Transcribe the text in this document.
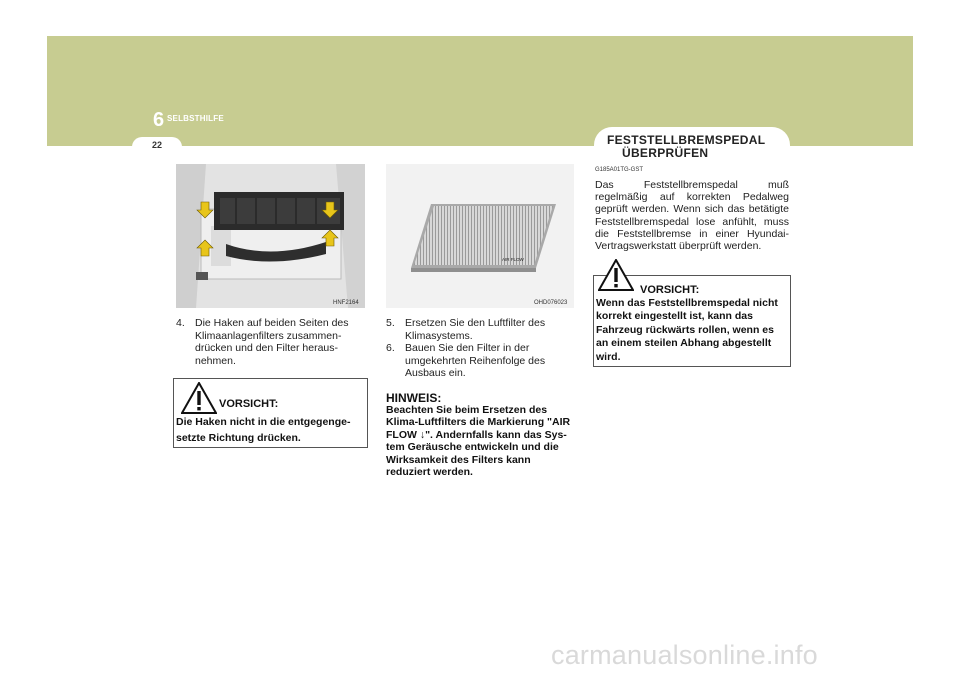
6 SELBSTHILFE
22	FESTSTELLBREMSPEDAL
ÜBERPRÜFEN
HNF2164
AIR FLOW
OHD076023

4. Die Haken auf beiden Seiten des Klimaanlagenfilters zusammen-drücken und den Filter heraus-nehmen.

VORSICHT:
Die Haken nicht in die entgegenge-
setzte Richtung drücken.

5. Ersetzen Sie den Luftfilter des Klimasystems.

6. Bauen Sie den Filter in der umgekehrten Reihenfolge des Ausbaus ein.

HINWEIS:
Beachten Sie beim Ersetzen des Klima-Luftfilters die Markierung "AIR FLOW ↓". Andernfalls kann das Sys-tem Geräusche entwickeln und die Wirksamkeit des Filters kann reduziert werden.
G185A01TG-GST
Das Feststellbremspedal muß regelmäßig auf korrekten Pedalweg geprüft werden. Wenn sich das betätigte Feststellbremspedal lose anfühlt, muss die Feststellbremse in einer Hyundai-Vertragswerkstatt überprüft werden.
VORSICHT:
Wenn das Feststellbremspedal nicht korrekt eingestellt ist, kann das Fahrzeug rückwärts rollen, wenn es an einem steilen Abhang abgestellt wird.
carmanualsonline.info
